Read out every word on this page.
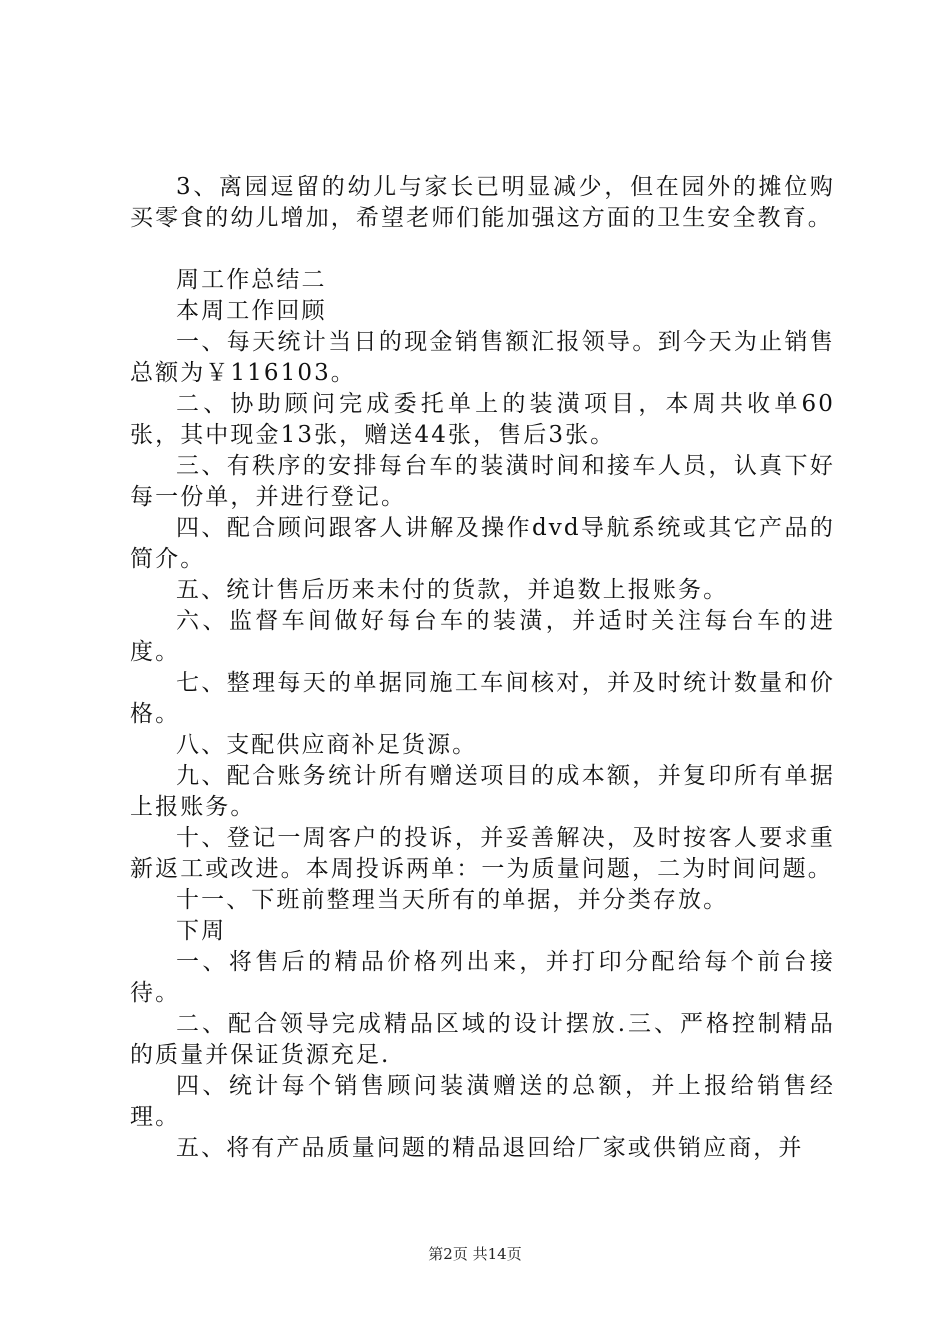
3、离园逗留的幼儿与家长已明显减少，但在园外的摊位购买零食的幼儿增加，希望老师们能加强这方面的卫生安全教育。

周工作总结二

本周工作回顾

一、每天统计当日的现金销售额汇报领导。到今天为止销售总额为￥116103。

二、协助顾问完成委托单上的装潢项目，本周共收单60张，其中现金13张，赠送44张，售后3张。

三、有秩序的安排每台车的装潢时间和接车人员，认真下好每一份单，并进行登记。

四、配合顾问跟客人讲解及操作dvd导航系统或其它产品的简介。

五、统计售后历来未付的货款，并追数上报账务。

六、监督车间做好每台车的装潢，并适时关注每台车的进度。

七、整理每天的单据同施工车间核对，并及时统计数量和价格。

八、支配供应商补足货源。

九、配合账务统计所有赠送项目的成本额，并复印所有单据上报账务。

十、登记一周客户的投诉，并妥善解决，及时按客人要求重新返工或改进。本周投诉两单：一为质量问题，二为时间问题。

十一、下班前整理当天所有的单据，并分类存放。

下周

一、将售后的精品价格列出来，并打印分配给每个前台接待。

二、配合领导完成精品区域的设计摆放.三、严格控制精品的质量并保证货源充足.

四、统计每个销售顾问装潢赠送的总额，并上报给销售经理。

五、将有产品质量问题的精品退回给厂家或供销应商，并

第2页 共14页
